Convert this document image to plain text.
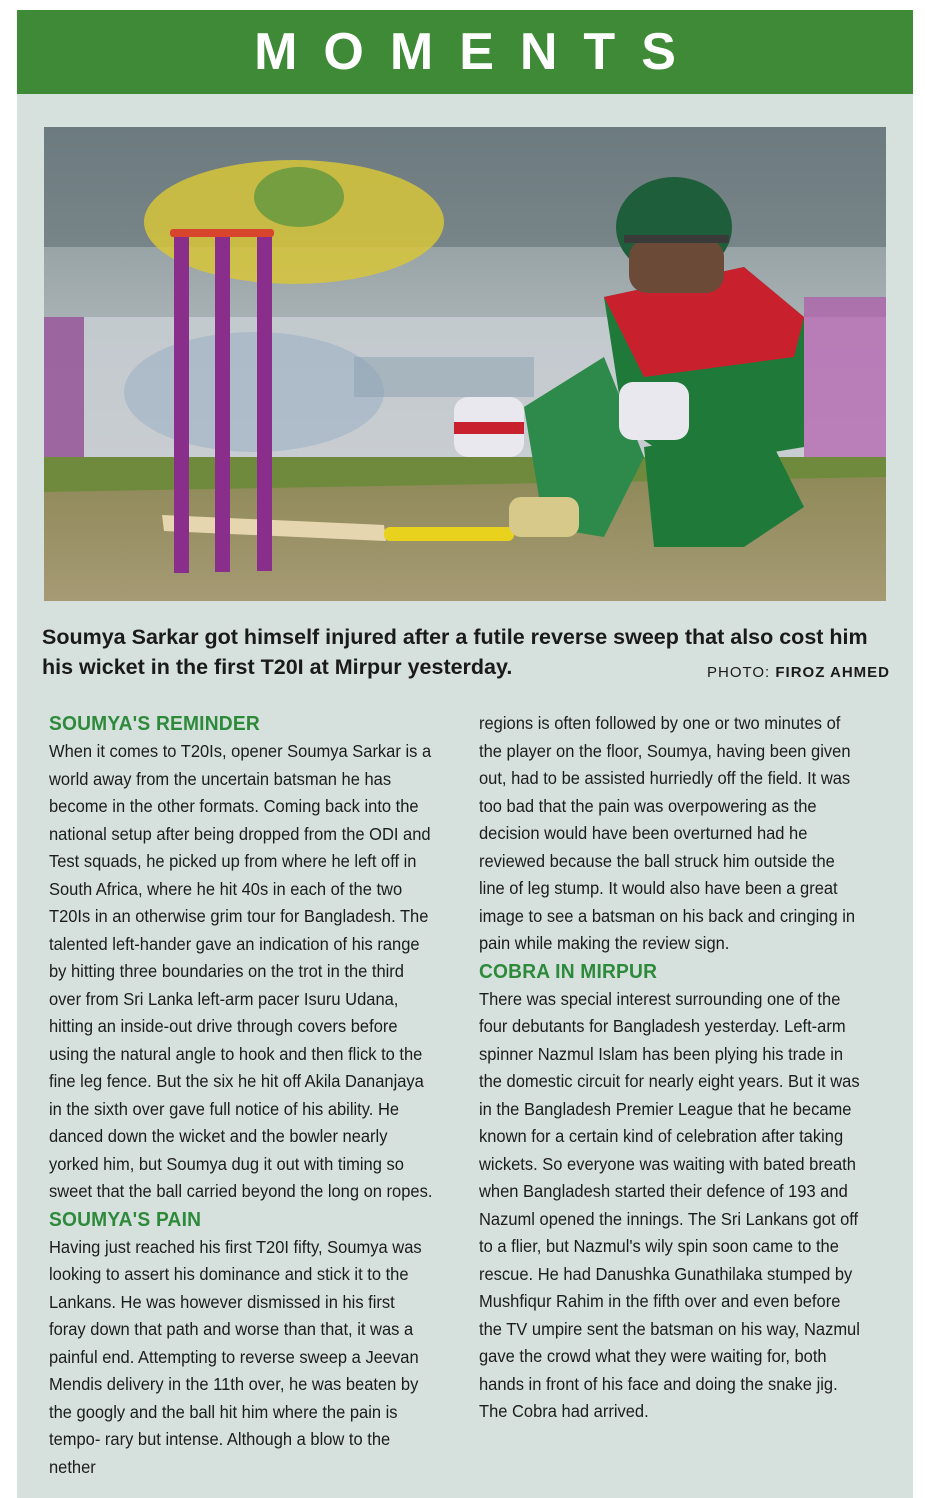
MOMENTS
Soumya Sarkar got himself injured after a futile reverse sweep that also cost him his wicket in the first T20I at Mirpur yesterday.	PHOTO: FIROZ AHMED
SOUMYA'S REMINDER

When it comes to T20Is, opener Soumya Sarkar is a world away from the uncertain batsman he has become in the other formats. Coming back into the national setup after being dropped from the ODI and Test squads, he picked up from where he left off in South Africa, where he hit 40s in each of the two T20Is in an otherwise grim tour for Bangladesh. The talented left-hander gave an indication of his range by hitting three boundaries on the trot in the third over from Sri Lanka left-arm pacer Isuru Udana, hitting an inside-out drive through covers before using the natural angle to hook and then flick to the fine leg fence. But the six he hit off Akila Dananjaya in the sixth over gave full notice of his ability. He danced down the wicket and the bowler nearly yorked him, but Soumya dug it out with timing so sweet that the ball carried beyond the long on ropes.

SOUMYA'S PAIN

Having just reached his first T20I fifty, Soumya was looking to assert his dominance and stick it to the Lankans. He was however dismissed in his first foray down that path and worse than that, it was a painful end. Attempting to reverse sweep a Jeevan Mendis delivery in the 11th over, he was beaten by the googly and the ball hit him where the pain is tempo- rary but intense. Although a blow to the nether

regions is often followed by one or two minutes of the player on the floor, Soumya, having been given out, had to be assisted hurriedly off the field. It was too bad that the pain was overpowering as the decision would have been overturned had he reviewed because the ball struck him outside the line of leg stump. It would also have been a great image to see a batsman on his back and cringing in pain while making the review sign.

COBRA IN MIRPUR

There was special interest surrounding one of the four debutants for Bangladesh yesterday. Left-arm spinner Nazmul Islam has been plying his trade in the domestic circuit for nearly eight years. But it was in the Bangladesh Premier League that he became known for a certain kind of celebration after taking wickets. So everyone was waiting with bated breath when Bangladesh started their defence of 193 and Nazuml opened the innings. The Sri Lankans got off to a flier, but Nazmul's wily spin soon came to the rescue. He had Danushka Gunathilaka stumped by Mushfiqur Rahim in the fifth over and even before the TV umpire sent the batsman on his way, Nazmul gave the crowd what they were waiting for, both hands in front of his face and doing the snake jig. The Cobra had arrived.
